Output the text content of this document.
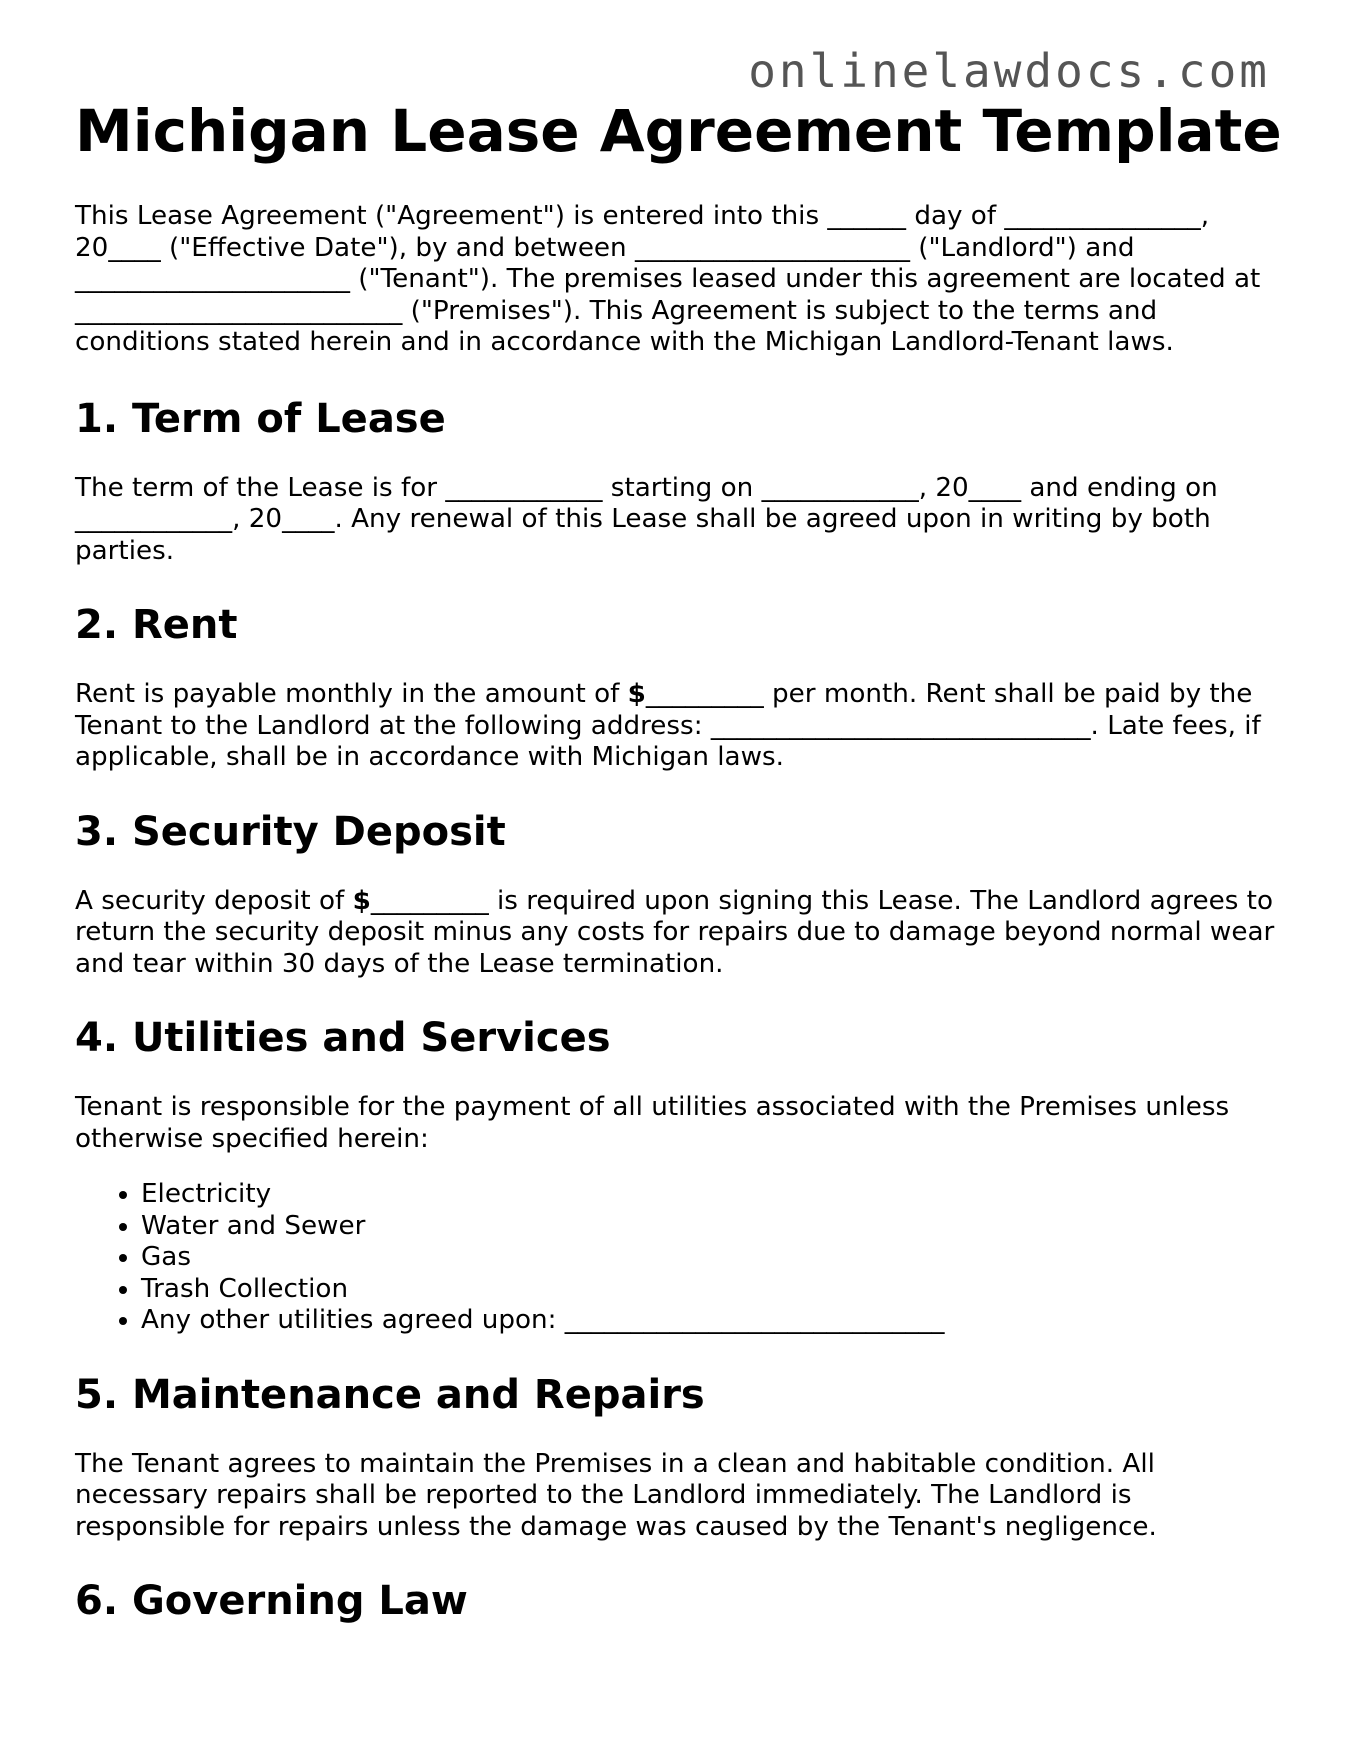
onlinelawdocs.com
Michigan Lease Agreement Template

This Lease Agreement ("Agreement") is entered into this ______ day of _______________, 20____ ("Effective Date"), by and between _____________________ ("Landlord") and _____________________ ("Tenant"). The premises leased under this agreement are located at _________________________ ("Premises"). This Agreement is subject to the terms and conditions stated herein and in accordance with the Michigan Landlord-Tenant laws.

1. Term of Lease

The term of the Lease is for ____________ starting on ____________, 20____ and ending on ____________, 20____. Any renewal of this Lease shall be agreed upon in writing by both parties.

2. Rent

Rent is payable monthly in the amount of $_________ per month. Rent shall be paid by the Tenant to the Landlord at the following address: _____________________________. Late fees, if applicable, shall be in accordance with Michigan laws.

3. Security Deposit

A security deposit of $_________ is required upon signing this Lease. The Landlord agrees to return the security deposit minus any costs for repairs due to damage beyond normal wear and tear within 30 days of the Lease termination.

4. Utilities and Services

Tenant is responsible for the payment of all utilities associated with the Premises unless otherwise specified herein:

• Electricity
• Water and Sewer
• Gas
• Trash Collection
• Any other utilities agreed upon: _____________________________
5. Maintenance and Repairs

The Tenant agrees to maintain the Premises in a clean and habitable condition. All necessary repairs shall be reported to the Landlord immediately. The Landlord is responsible for repairs unless the damage was caused by the Tenant's negligence.

6. Governing Law
